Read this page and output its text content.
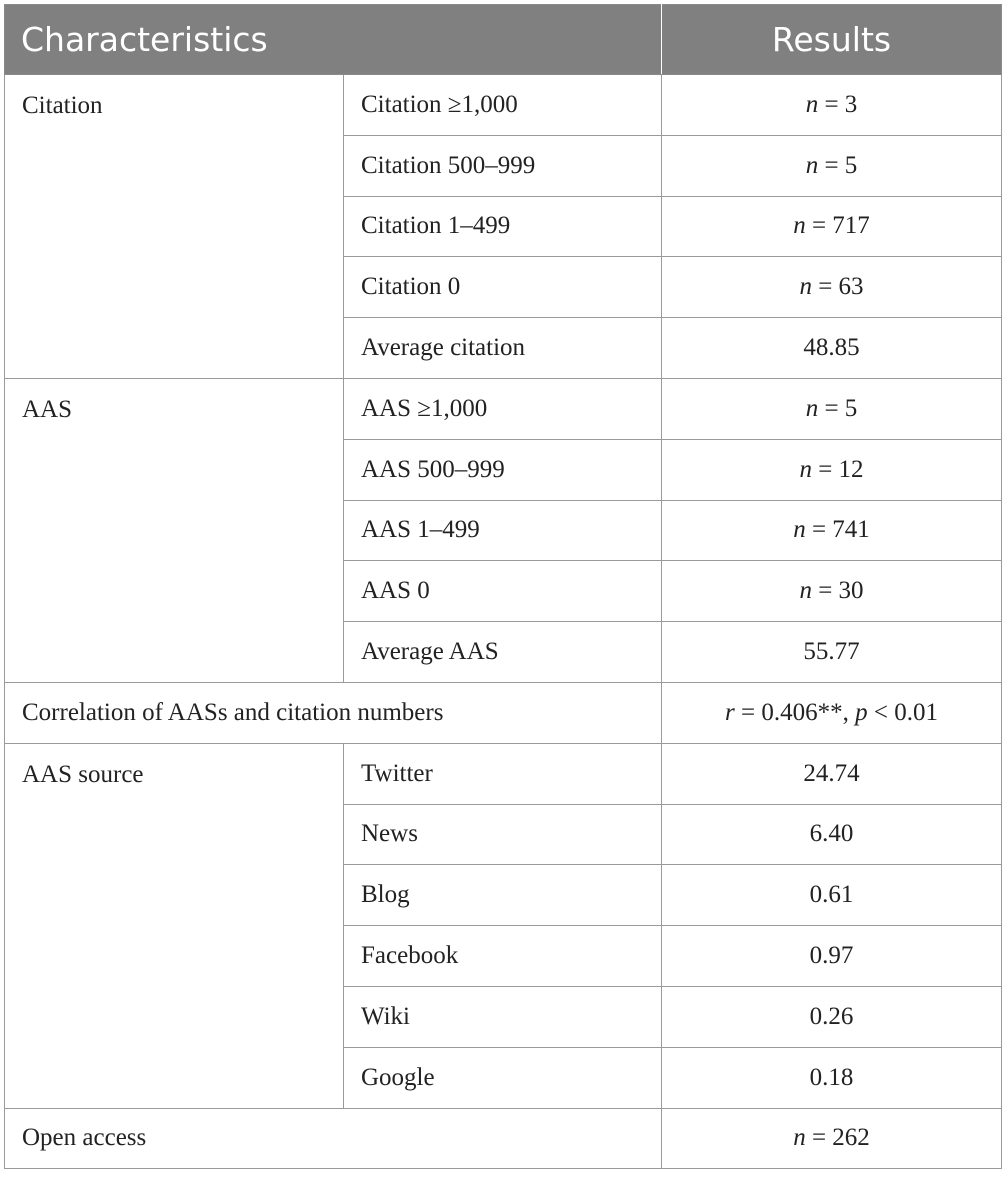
Characteristics		Results
Citation	Citation ≥1,000	n = 3
	Citation 500–999	n = 5
	Citation 1–499	n = 717
	Citation 0	n = 63
	Average citation	48.85
AAS	AAS ≥1,000	n = 5
	AAS 500–999	n = 12
	AAS 1–499	n = 741
	AAS 0	n = 30
	Average AAS	55.77
Correlation of AASs and citation numbers		r = 0.406**, p < 0.01
AAS source	Twitter	24.74
	News	6.40
	Blog	0.61
	Facebook	0.97
	Wiki	0.26
	Google	0.18
Open access		n = 262
